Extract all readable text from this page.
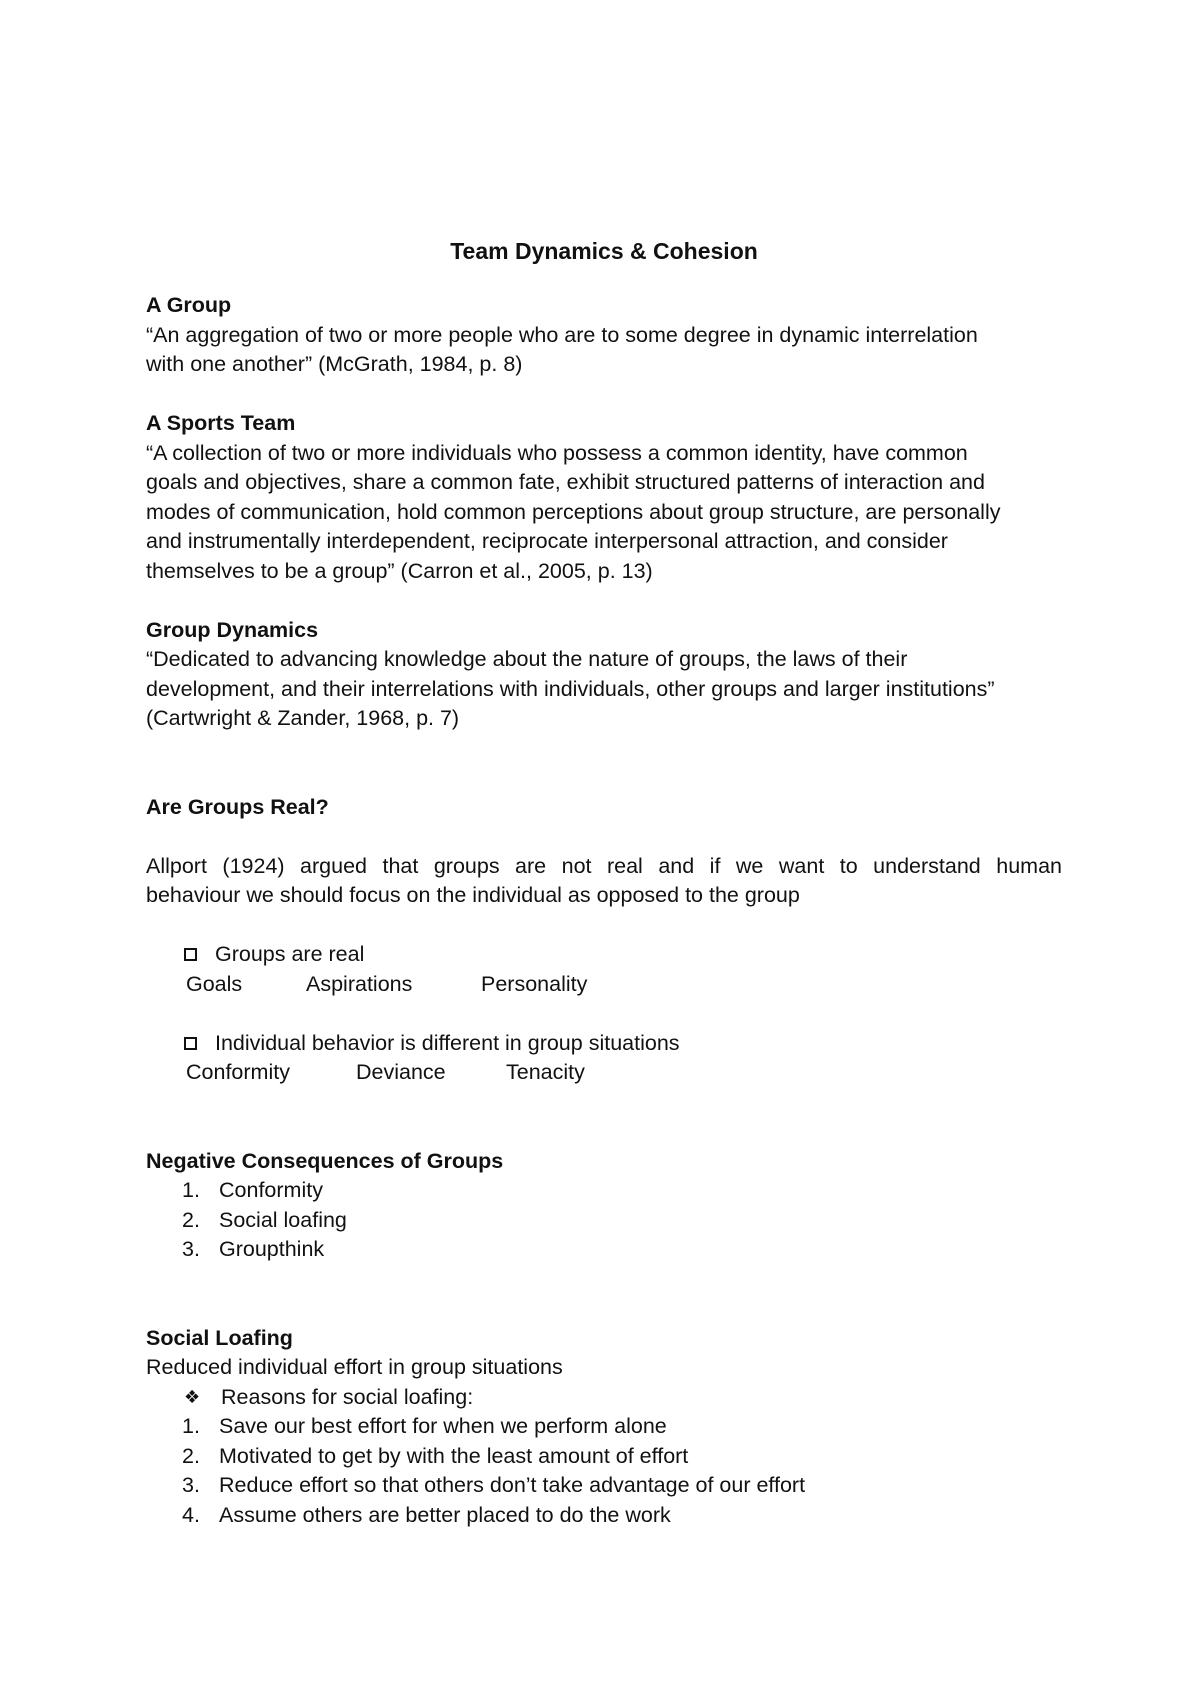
Team Dynamics & Cohesion
A Group
“An aggregation of two or more people who are to some degree in dynamic interrelation
with one another” (McGrath, 1984, p. 8)
A Sports Team
“A collection of two or more individuals who possess a common identity, have common
goals and objectives, share a common fate, exhibit structured patterns of interaction and
modes of communication, hold common perceptions about group structure, are personally
and instrumentally interdependent, reciprocate interpersonal attraction, and consider
themselves to be a group” (Carron et al., 2005, p. 13)
Group Dynamics
“Dedicated to advancing knowledge about the nature of groups, the laws of their
development, and their interrelations with individuals, other groups and larger institutions”
(Cartwright & Zander, 1968, p. 7)
Are Groups Real?
Allport (1924) argued that groups are not real and if we want to understand human
behaviour we should focus on the individual as opposed to the group
Groups are real
Goals	Aspirations	Personality
Individual behavior is different in group situations
Conformity	Deviance	Tenacity
Negative Consequences of Groups
1. Conformity
2. Social loafing
3. Groupthink
Social Loafing
Reduced individual effort in group situations
❖ Reasons for social loafing:
1. Save our best effort for when we perform alone
2. Motivated to get by with the least amount of effort
3. Reduce effort so that others don’t take advantage of our effort
4. Assume others are better placed to do the work
